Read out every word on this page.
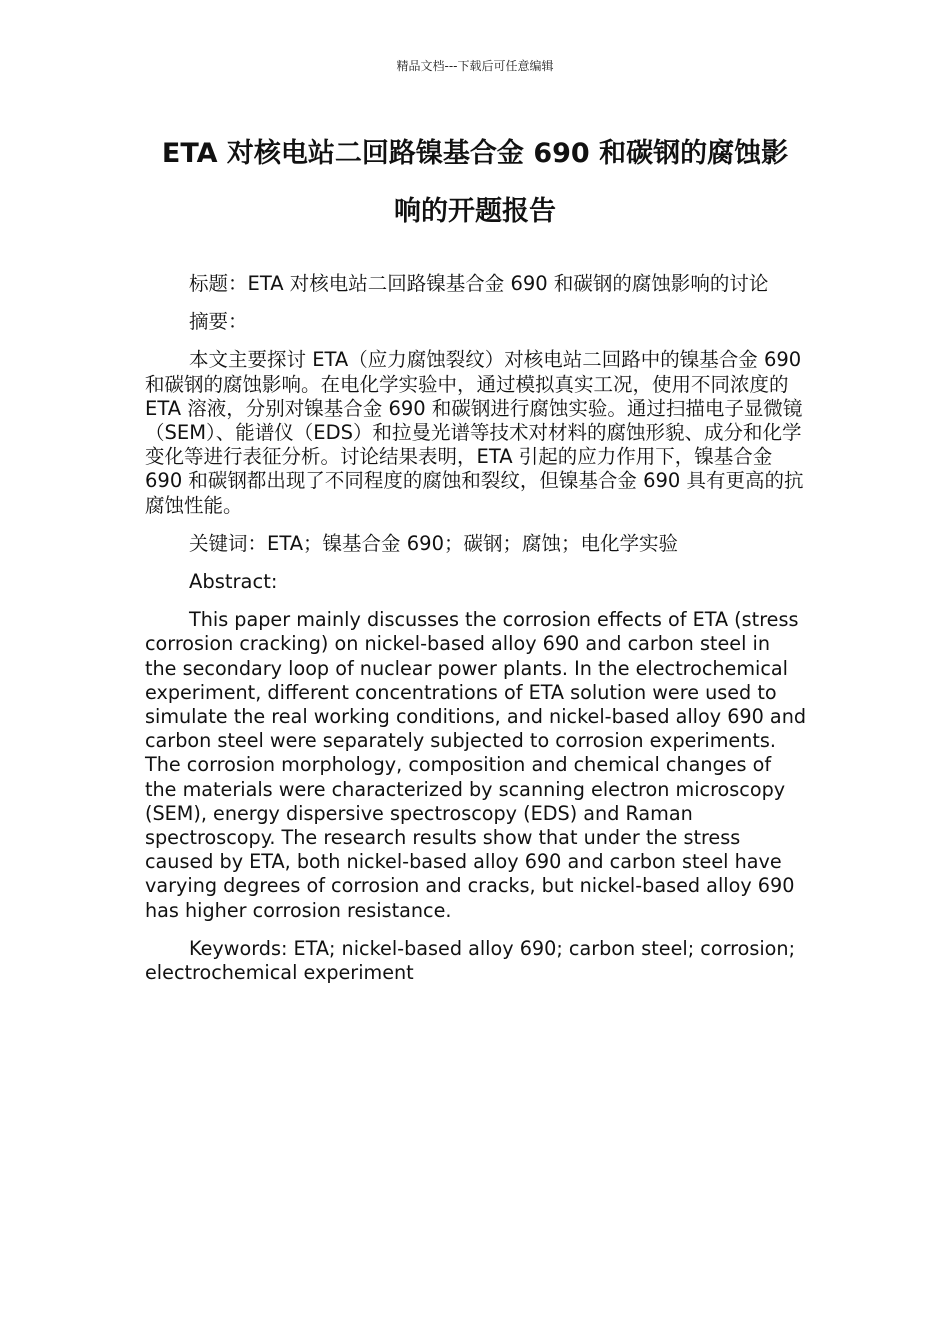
精品文档---下载后可任意编辑
ETA 对核电站二回路镍基合金 690 和碳钢的腐蚀影
响的开题报告

标题：ETA 对核电站二回路镍基合金 690 和碳钢的腐蚀影响的讨论

摘要：

本文主要探讨 ETA（应力腐蚀裂纹）对核电站二回路中的镍基合金 690 和碳钢的腐蚀影响。在电化学实验中，通过模拟真实工况，使用不同浓度的 ETA 溶液，分别对镍基合金 690 和碳钢进行腐蚀实验。通过扫描电子显微镜（SEM）、能谱仪（EDS）和拉曼光谱等技术对材料的腐蚀形貌、成分和化学变化等进行表征分析。讨论结果表明，ETA 引起的应力作用下，镍基合金 690 和碳钢都出现了不同程度的腐蚀和裂纹，但镍基合金 690 具有更高的抗腐蚀性能。

关键词：ETA；镍基合金 690；碳钢；腐蚀；电化学实验

Abstract:

This paper mainly discusses the corrosion effects of ETA (stress corrosion cracking) on nickel-based alloy 690 and carbon steel in the secondary loop of nuclear power plants. In the electrochemical experiment, different concentrations of ETA solution were used to simulate the real working conditions, and nickel-based alloy 690 and carbon steel were separately subjected to corrosion experiments. The corrosion morphology, composition and chemical changes of the materials were characterized by scanning electron microscopy (SEM), energy dispersive spectroscopy (EDS) and Raman spectroscopy. The research results show that under the stress caused by ETA, both nickel-based alloy 690 and carbon steel have varying degrees of corrosion and cracks, but nickel-based alloy 690 has higher corrosion resistance.

Keywords: ETA; nickel-based alloy 690; carbon steel; corrosion; electrochemical experiment
